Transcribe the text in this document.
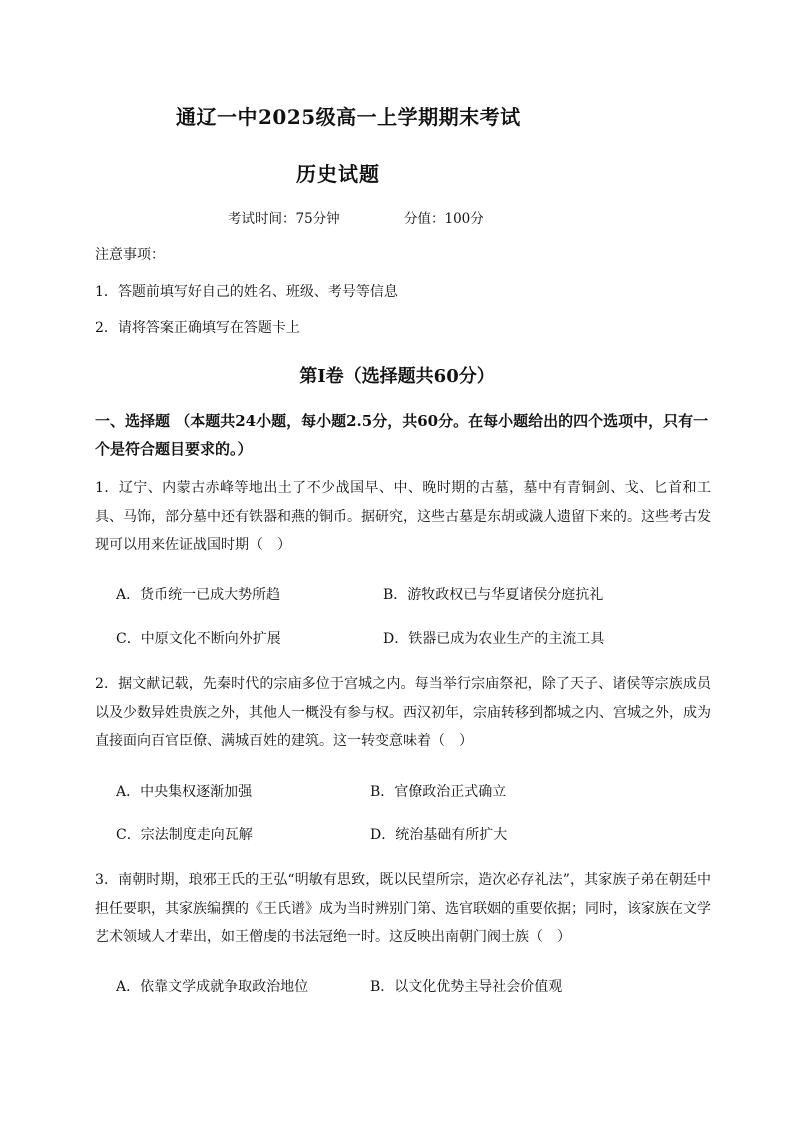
通辽一中2025级高一上学期期末考试
历史试题
考试时间：75分钟	分值：100分
注意事项：
1．答题前填写好自己的姓名、班级、考号等信息
2．请将答案正确填写在答题卡上
第Ⅰ卷（选择题共60分）
一、选择题 （本题共24小题，每小题2.5分，共60分。在每小题给出的四个选项中，只有一个是符合题目要求的。）
1．辽宁、内蒙古赤峰等地出土了不少战国早、中、晚时期的古墓，墓中有青铜剑、戈、匕首和工具、马饰，部分墓中还有铁器和燕的铜币。据研究，这些古墓是东胡或濊人遗留下来的。这些考古发现可以用来佐证战国时期（　）
A．货币统一已成大势所趋	B．游牧政权已与华夏诸侯分庭抗礼
C．中原文化不断向外扩展	D．铁器已成为农业生产的主流工具
2．据文献记载，先秦时代的宗庙多位于宫城之内。每当举行宗庙祭祀，除了天子、诸侯等宗族成员以及少数异姓贵族之外，其他人一概没有参与权。西汉初年，宗庙转移到都城之内、宫城之外，成为直接面向百官臣僚、满城百姓的建筑。这一转变意味着（　）
A．中央集权逐渐加强	B．官僚政治正式确立
C．宗法制度走向瓦解	D．统治基础有所扩大
3．南朝时期，琅邪王氏的王弘“明敏有思致，既以民望所宗，造次必存礼法”，其家族子弟在朝廷中担任要职，其家族编撰的《王氏谱》成为当时辨别门第、选官联姻的重要依据；同时，该家族在文学艺术领域人才辈出，如王僧虔的书法冠绝一时。这反映出南朝门阀士族（　）
A．依靠文学成就争取政治地位	B．以文化优势主导社会价值观
